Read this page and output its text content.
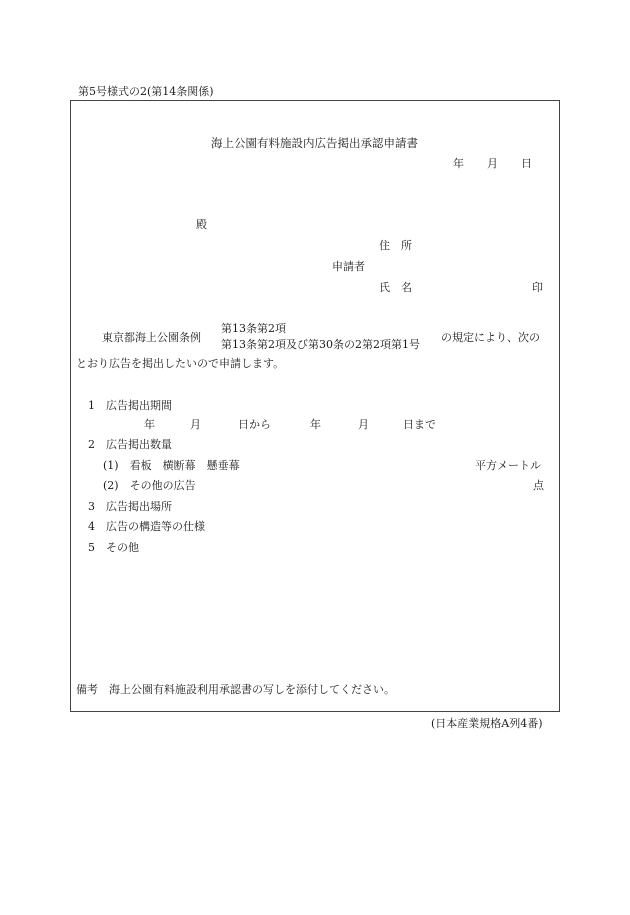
第5号様式の2(第14条関係)
海上公園有料施設内広告掲出承認申請書
年 月 日
殿
住　所
申請者
氏　名	印
東京都海上公園条例
第13条第2項
第13条第2項及び第30条の2第2項第1号
の規定により、次の
とおり広告を掲出したいので申請します。
1　広告掲出期間
年	月	日から	年	月	日まで
2　広告掲出数量
(1)　看板　横断幕　懸垂幕	平方メートル
(2)　その他の広告	点
3　広告掲出場所
4　広告の構造等の仕様
5　その他
備考　海上公園有料施設利用承認書の写しを添付してください。
(日本産業規格A列4番)
